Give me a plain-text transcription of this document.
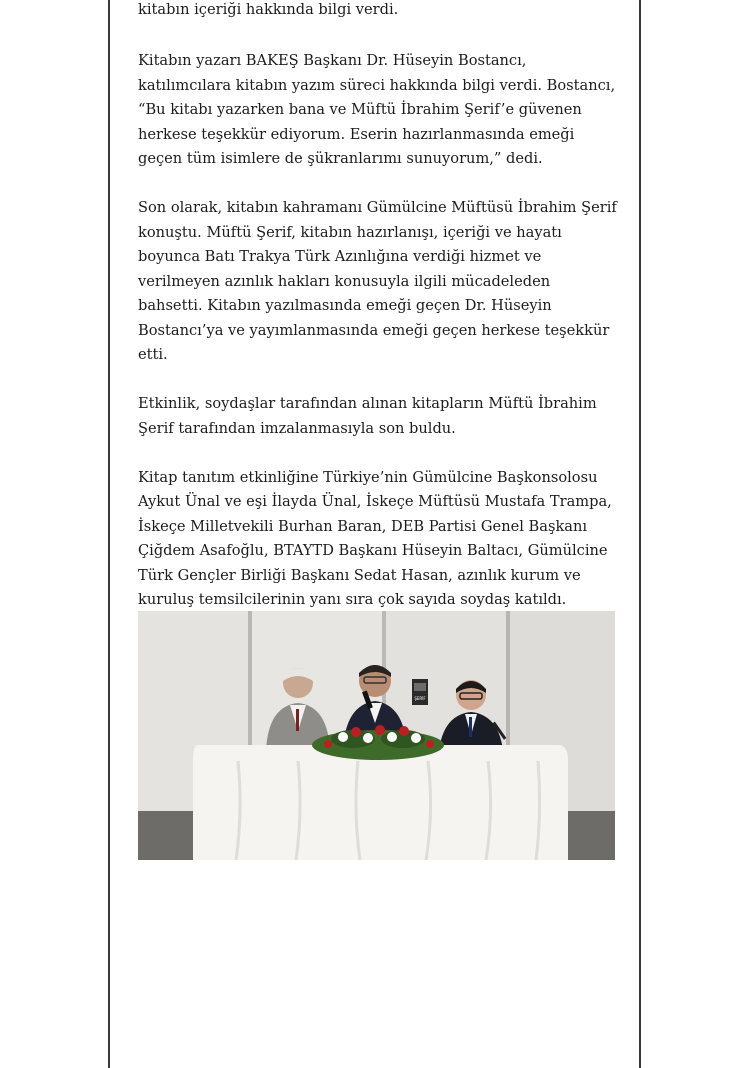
kitabın içeriği hakkında bilgi verdi.

Kitabın yazarı BAKEŞ Başkanı Dr. Hüseyin Bostancı, katılımcılara kitabın yazım süreci hakkında bilgi verdi. Bostancı, “Bu kitabı yazarken bana ve Müftü İbrahim Şerif’e güvenen herkese teşekkür ediyorum. Eserin hazırlanmasında emeği geçen tüm isimlere de şükranlarımı sunuyorum,” dedi.

Son olarak, kitabın kahramanı Gümülcine Müftüsü İbrahim Şerif konuştu. Müftü Şerif, kitabın hazırlanışı, içeriği ve hayatı boyunca Batı Trakya Türk Azınlığına verdiği hizmet ve verilmeyen azınlık hakları konusuyla ilgili mücadeleden bahsetti. Kitabın yazılmasında emeği geçen Dr. Hüseyin Bostancı’ya ve yayımlanmasında emeği geçen herkese teşekkür etti.

Etkinlik, soydaşlar tarafından alınan kitapların Müftü İbrahim Şerif tarafından imzalanmasıyla son buldu.

Kitap tanıtım etkinliğine Türkiye’nin Gümülcine Başkonsolosu Aykut Ünal ve eşi İlayda Ünal, İskeçe Müftüsü Mustafa Trampa, İskeçe Milletvekili Burhan Baran, DEB Partisi Genel Başkanı Çiğdem Asafoğlu, BTAYTD Başkanı Hüseyin Baltacı, Gümülcine Türk Gençler Birliği Başkanı Sedat Hasan, azınlık kurum ve kuruluş temsilcilerinin yanı sıra çok sayıda soydaş katıldı.

ŞERİF
